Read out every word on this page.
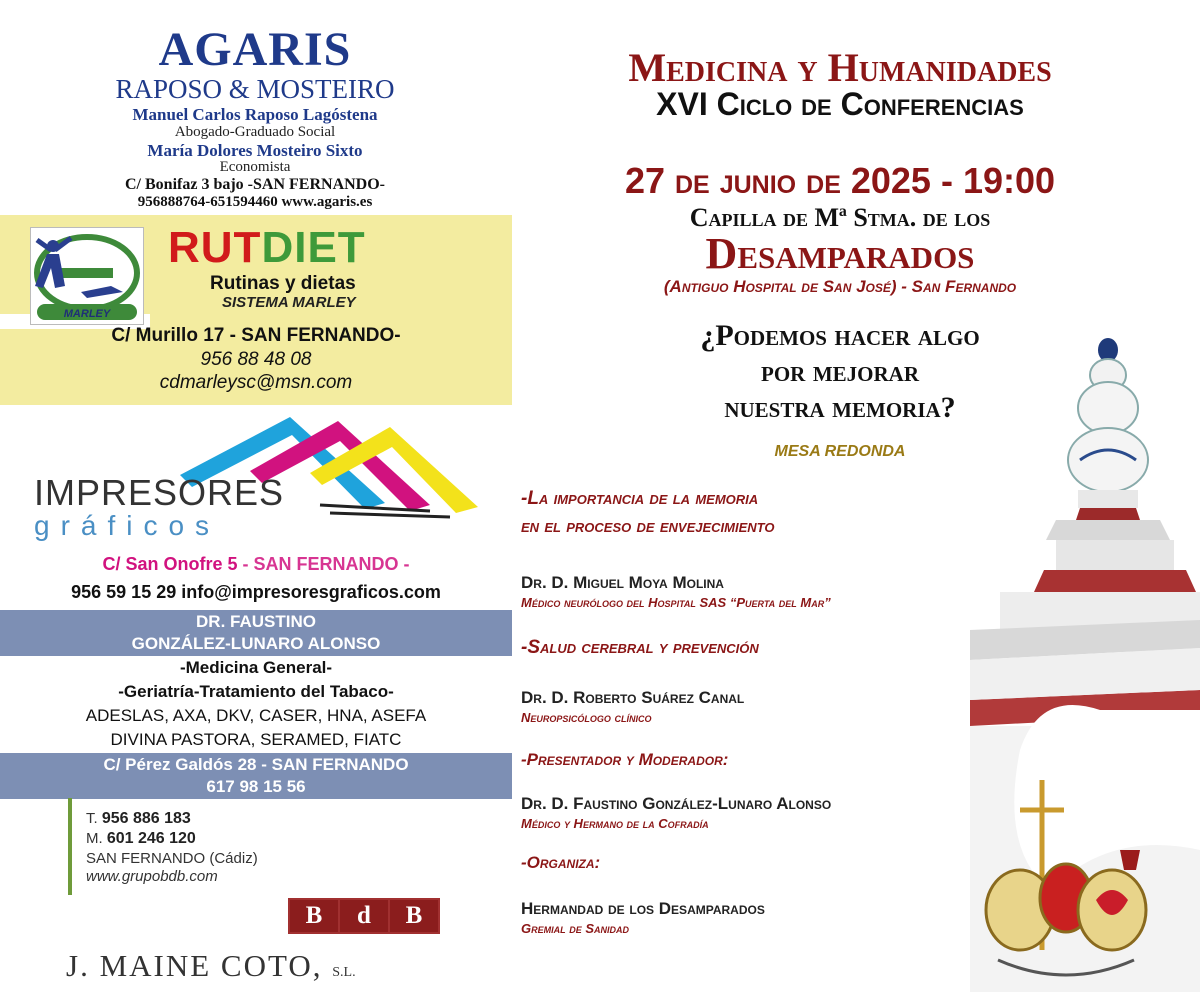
AGARIS
RAPOSO & MOSTEIRO
Manuel Carlos Raposo Lagóstena
Abogado-Graduado Social
María Dolores Mosteiro Sixto
Economista
C/ Bonifaz 3 bajo -SAN FERNANDO-
956888764-651594460 www.agaris.es
MARLEY
RUTDIET
Rutinas y dietas
SISTEMA MARLEY
C/ Murillo 17 - SAN FERNANDO-
956 88 48 08
cdmarleysc@msn.com
IMPRESORES
gráficos
C/ San Onofre 5 - SAN FERNANDO -
956 59 15 29 info@impresoresgraficos.com
DR. FAUSTINO
GONZÁLEZ-LUNARO ALONSO
-Medicina General-
-Geriatría-Tratamiento del Tabaco-
ADESLAS, AXA, DKV, CASER, HNA, ASEFA
DIVINA PASTORA, SERAMED, FIATC
C/ Pérez Galdós 28 - SAN FERNANDO
617 98 15 56
T. 956 886 183
M. 601 246 120
SAN FERNANDO (Cádiz)
www.grupobdb.com
B	d	B
J. MAINE COTO, S.L.
Medicina y Humanidades
XVI Ciclo de Conferencias
27 de junio de 2025 - 19:00
Capilla de Mª Stma. de los
Desamparados
(Antiguo Hospital de San José) - San Fernando
¿Podemos hacer algo
por mejorar
nuestra memoria?
MESA REDONDA
-La importancia de la memoria
en el proceso de envejecimiento
Dr. D. Miguel Moya Molina
Médico neurólogo del Hospital SAS “Puerta del Mar”
-Salud cerebral y prevención
Dr. D. Roberto Suárez Canal
Neuropsicólogo clínico
-Presentador y Moderador:
Dr. D. Faustino González-Lunaro Alonso
Médico y Hermano de la Cofradía
-Organiza:
Hermandad de los Desamparados
Gremial de Sanidad
